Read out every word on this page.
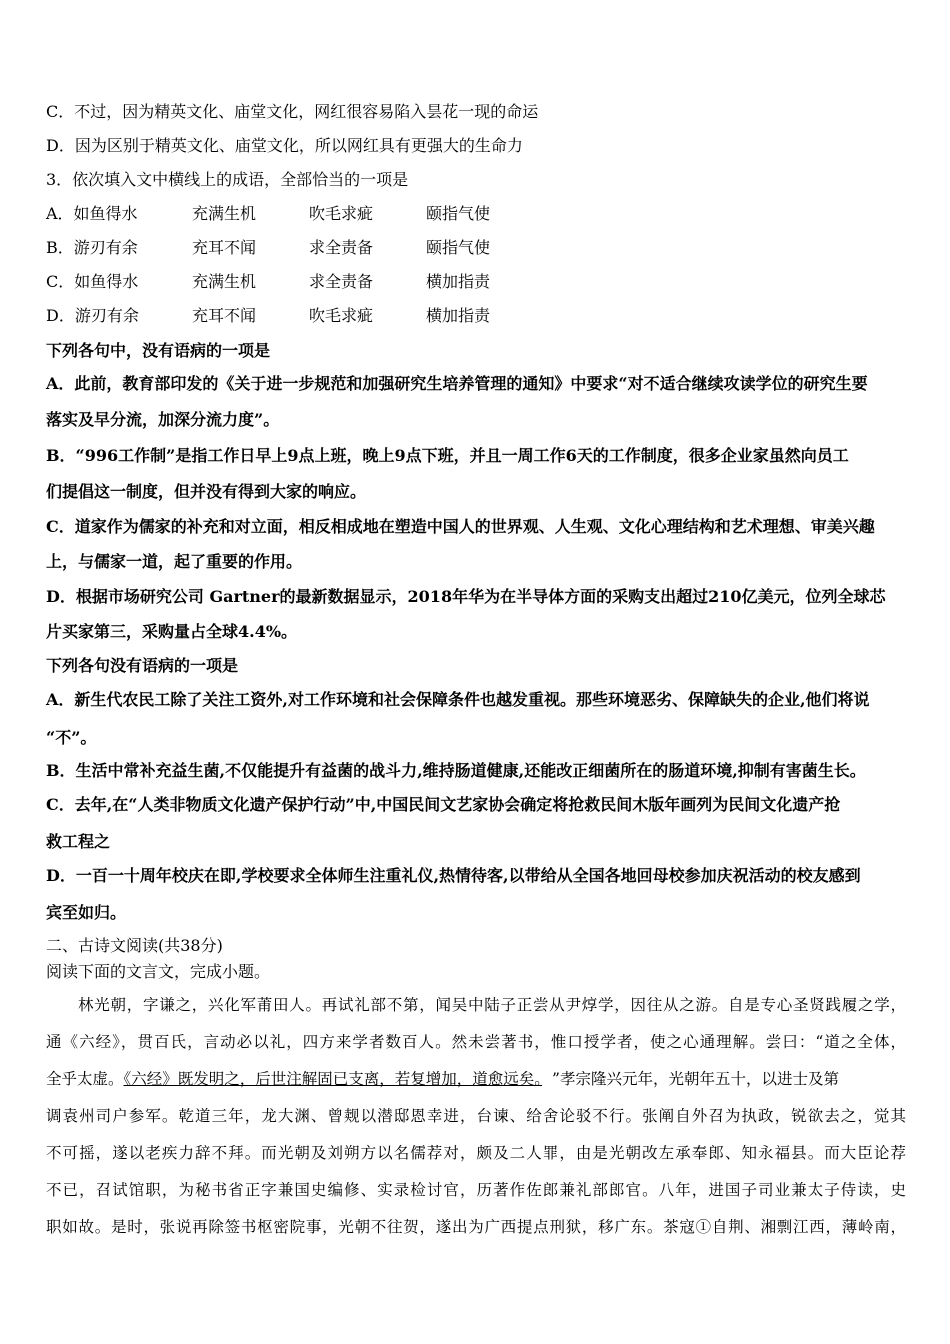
C．不过，因为精英文化、庙堂文化，网红很容易陷入昙花一现的命运
D．因为区别于精英文化、庙堂文化，所以网红具有更强大的生命力
3．依次填入文中横线上的成语，全部恰当的一项是
A．如鱼得水	充满生机	吹毛求疵	颐指气使
B．游刃有余	充耳不闻	求全责备	颐指气使
C．如鱼得水	充满生机	求全责备	横加指责
D．游刃有余	充耳不闻	吹毛求疵	横加指责
下列各句中，没有语病的一项是
A．此前，教育部印发的《关于进一步规范和加强研究生培养管理的通知》中要求“对不适合继续攻读学位的研究生要
落实及早分流，加深分流力度”。
B．“996工作制”是指工作日早上9点上班，晚上9点下班，并且一周工作6天的工作制度，很多企业家虽然向员工
们提倡这一制度，但并没有得到大家的响应。
C．道家作为儒家的补充和对立面，相反相成地在塑造中国人的世界观、人生观、文化心理结构和艺术理想、审美兴趣
上，与儒家一道，起了重要的作用。
D．根据市场研究公司 Gartner的最新数据显示，2018年华为在半导体方面的采购支出超过210亿美元，位列全球芯
片买家第三，采购量占全球4.4%。
下列各句没有语病的一项是
A．新生代农民工除了关注工资外,对工作环境和社会保障条件也越发重视。那些环境恶劣、保障缺失的企业,他们将说
“不”。
B．生活中常补充益生菌,不仅能提升有益菌的战斗力,维持肠道健康,还能改正细菌所在的肠道环境,抑制有害菌生长。
C．去年,在“人类非物质文化遗产保护行动”中,中国民间文艺家协会确定将抢救民间木版年画列为民间文化遗产抢
救工程之
D．一百一十周年校庆在即,学校要求全体师生注重礼仪,热情待客,以带给从全国各地回母校参加庆祝活动的校友感到
宾至如归。
二、古诗文阅读(共38分)
阅读下面的文言文，完成小题。
林光朝，字谦之，兴化军莆田人。再试礼部不第，闻吴中陆子正尝从尹焞学，因往从之游。自是专心圣贤践履之学，
通《六经》，贯百氏，言动必以礼，四方来学者数百人。然未尝著书，惟口授学者，使之心通理解。尝曰：“道之全体，
全乎太虚。《六经》既发明之，后世注解固已支离，若复增加，道愈远矣。 ”孝宗隆兴元年，光朝年五十，以进士及第
调袁州司户参军。乾道三年，龙大渊、曾觌以潜邸恩幸进，台谏、给舍论驳不行。张阐自外召为执政，锐欲去之，觉其
不可摇，遂以老疾力辞不拜。而光朝及刘朔方以名儒荐对，颇及二人罪，由是光朝改左承奉郎、知永福县。而大臣论荐
不已，召试馆职，为秘书省正字兼国史编修、实录检讨官，历著作佐郎兼礼部郎官。八年，进国子司业兼太子侍读，史
职如故。是时，张说再除签书枢密院事，光朝不往贺，遂出为广西提点刑狱，移广东。茶寇①自荆、湘剽江西，薄岭南，
